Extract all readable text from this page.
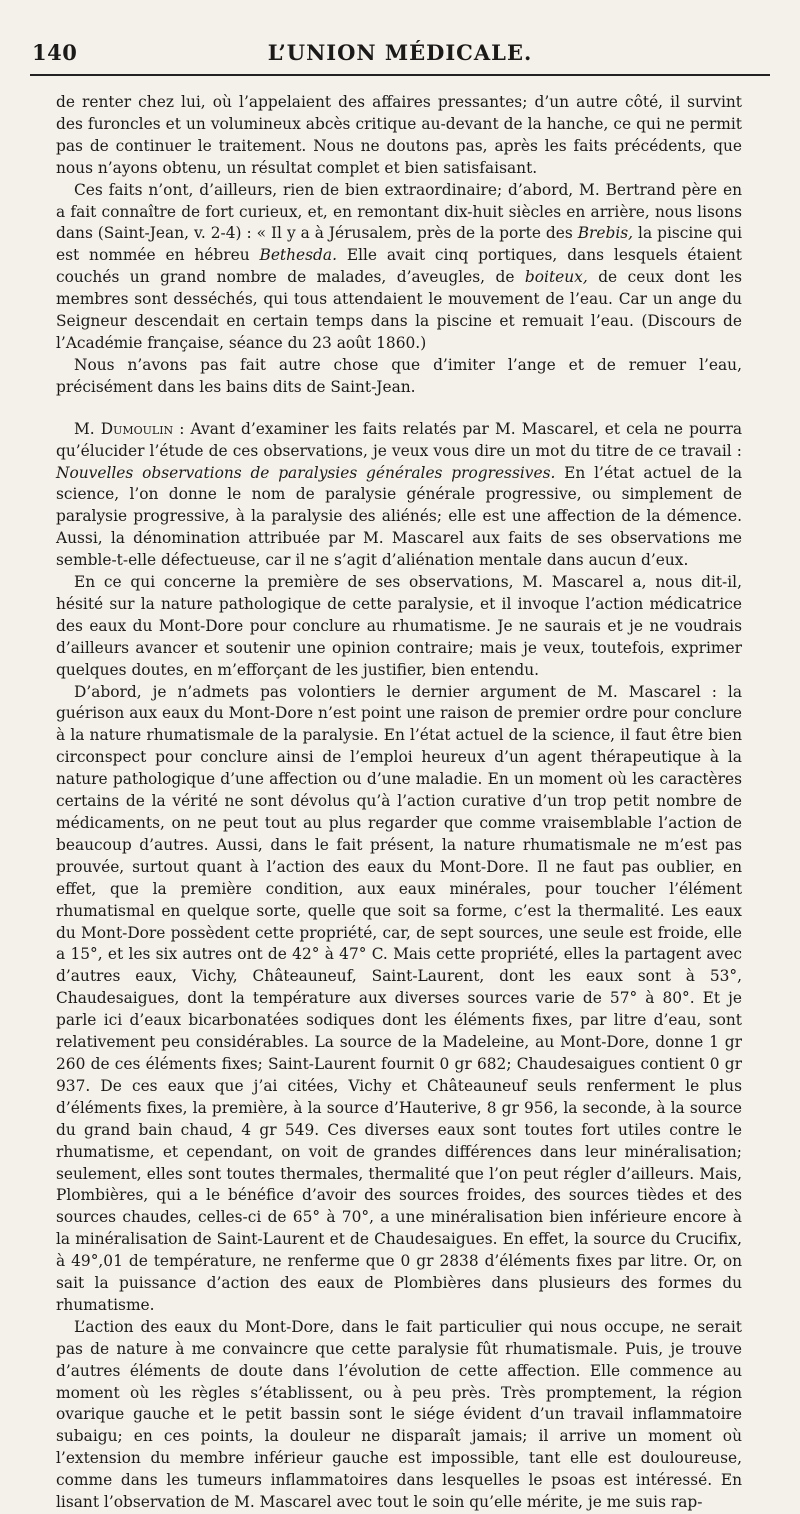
140	L’UNION MÉDICALE.

de renter chez lui, où l’appelaient des affaires pressantes; d’un autre côté, il survint des furoncles et un volumineux abcès critique au-devant de la hanche, ce qui ne permit pas de continuer le traitement. Nous ne doutons pas, après les faits précédents, que nous n’ayons obtenu, un résultat complet et bien satisfaisant.

Ces faits n’ont, d’ailleurs, rien de bien extraordinaire; d’abord, M. Bertrand père en a fait connaître de fort curieux, et, en remontant dix-huit siècles en arrière, nous lisons dans (Saint-Jean, v. 2-4) : « Il y a à Jérusalem, près de la porte des Brebis, la piscine qui est nommée en hébreu Bethesda. Elle avait cinq portiques, dans lesquels étaient couchés un grand nombre de malades, d’aveugles, de boiteux, de ceux dont les membres sont desséchés, qui tous attendaient le mouvement de l’eau. Car un ange du Seigneur descendait en certain temps dans la piscine et remuait l’eau. (Discours de l’Académie française, séance du 23 août 1860.)

Nous n’avons pas fait autre chose que d’imiter l’ange et de remuer l’eau, précisément dans les bains dits de Saint-Jean.

M. Dumoulin : Avant d’examiner les faits relatés par M. Mascarel, et cela ne pourra qu’élucider l’étude de ces observations, je veux vous dire un mot du titre de ce travail : Nouvelles observations de paralysies générales progressives. En l’état actuel de la science, l’on donne le nom de paralysie générale progressive, ou simplement de paralysie progressive, à la paralysie des aliénés; elle est une affection de la démence. Aussi, la dénomination attribuée par M. Mascarel aux faits de ses observations me semble-t-elle défectueuse, car il ne s’agit d’aliénation mentale dans aucun d’eux.

En ce qui concerne la première de ses observations, M. Mascarel a, nous dit-il, hésité sur la nature pathologique de cette paralysie, et il invoque l’action médicatrice des eaux du Mont-Dore pour conclure au rhumatisme. Je ne saurais et je ne voudrais d’ailleurs avancer et soutenir une opinion contraire; mais je veux, toutefois, exprimer quelques doutes, en m’efforçant de les justifier, bien entendu.

D’abord, je n’admets pas volontiers le dernier argument de M. Mascarel : la guérison aux eaux du Mont-Dore n’est point une raison de premier ordre pour conclure à la nature rhumatismale de la paralysie. En l’état actuel de la science, il faut être bien circonspect pour conclure ainsi de l’emploi heureux d’un agent thérapeutique à la nature pathologique d’une affection ou d’une maladie. En un moment où les caractères certains de la vérité ne sont dévolus qu’à l’action curative d’un trop petit nombre de médicaments, on ne peut tout au plus regarder que comme vraisemblable l’action de beaucoup d’autres. Aussi, dans le fait présent, la nature rhumatismale ne m’est pas prouvée, surtout quant à l’action des eaux du Mont-Dore. Il ne faut pas oublier, en effet, que la première condition, aux eaux minérales, pour toucher l’élément rhumatismal en quelque sorte, quelle que soit sa forme, c’est la thermalité. Les eaux du Mont-Dore possèdent cette propriété, car, de sept sources, une seule est froide, elle a 15°, et les six autres ont de 42° à 47° C. Mais cette propriété, elles la partagent avec d’autres eaux, Vichy, Châteauneuf, Saint-Laurent, dont les eaux sont à 53°, Chaudesaigues, dont la température aux diverses sources varie de 57° à 80°. Et je parle ici d’eaux bicarbonatées sodiques dont les éléments fixes, par litre d’eau, sont relativement peu considérables. La source de la Madeleine, au Mont-Dore, donne 1 gr 260 de ces éléments fixes; Saint-Laurent fournit 0 gr 682; Chaudesaigues contient 0 gr 937. De ces eaux que j’ai citées, Vichy et Châteauneuf seuls renferment le plus d’éléments fixes, la première, à la source d’Hauterive, 8 gr 956, la seconde, à la source du grand bain chaud, 4 gr 549. Ces diverses eaux sont toutes fort utiles contre le rhumatisme, et cependant, on voit de grandes différences dans leur minéralisation; seulement, elles sont toutes thermales, thermalité que l’on peut régler d’ailleurs. Mais, Plombières, qui a le bénéfice d’avoir des sources froides, des sources tièdes et des sources chaudes, celles-ci de 65° à 70°, a une minéralisation bien inférieure encore à la minéralisation de Saint-Laurent et de Chaudesaigues. En effet, la source du Crucifix, à 49°,01 de température, ne renferme que 0 gr 2838 d’éléments fixes par litre. Or, on sait la puissance d’action des eaux de Plombières dans plusieurs des formes du rhumatisme.

L’action des eaux du Mont-Dore, dans le fait particulier qui nous occupe, ne serait pas de nature à me convaincre que cette paralysie fût rhumatismale. Puis, je trouve d’autres éléments de doute dans l’évolution de cette affection. Elle commence au moment où les règles s’établissent, ou à peu près. Très promptement, la région ovarique gauche et le petit bassin sont le siége évident d’un travail inflammatoire subaigu; en ces points, la douleur ne disparaît jamais; il arrive un moment où l’extension du membre inférieur gauche est impossible, tant elle est douloureuse, comme dans les tumeurs inflammatoires dans lesquelles le psoas est intéressé. En lisant l’observation de M. Mascarel avec tout le soin qu’elle mérite, je me suis rap-
